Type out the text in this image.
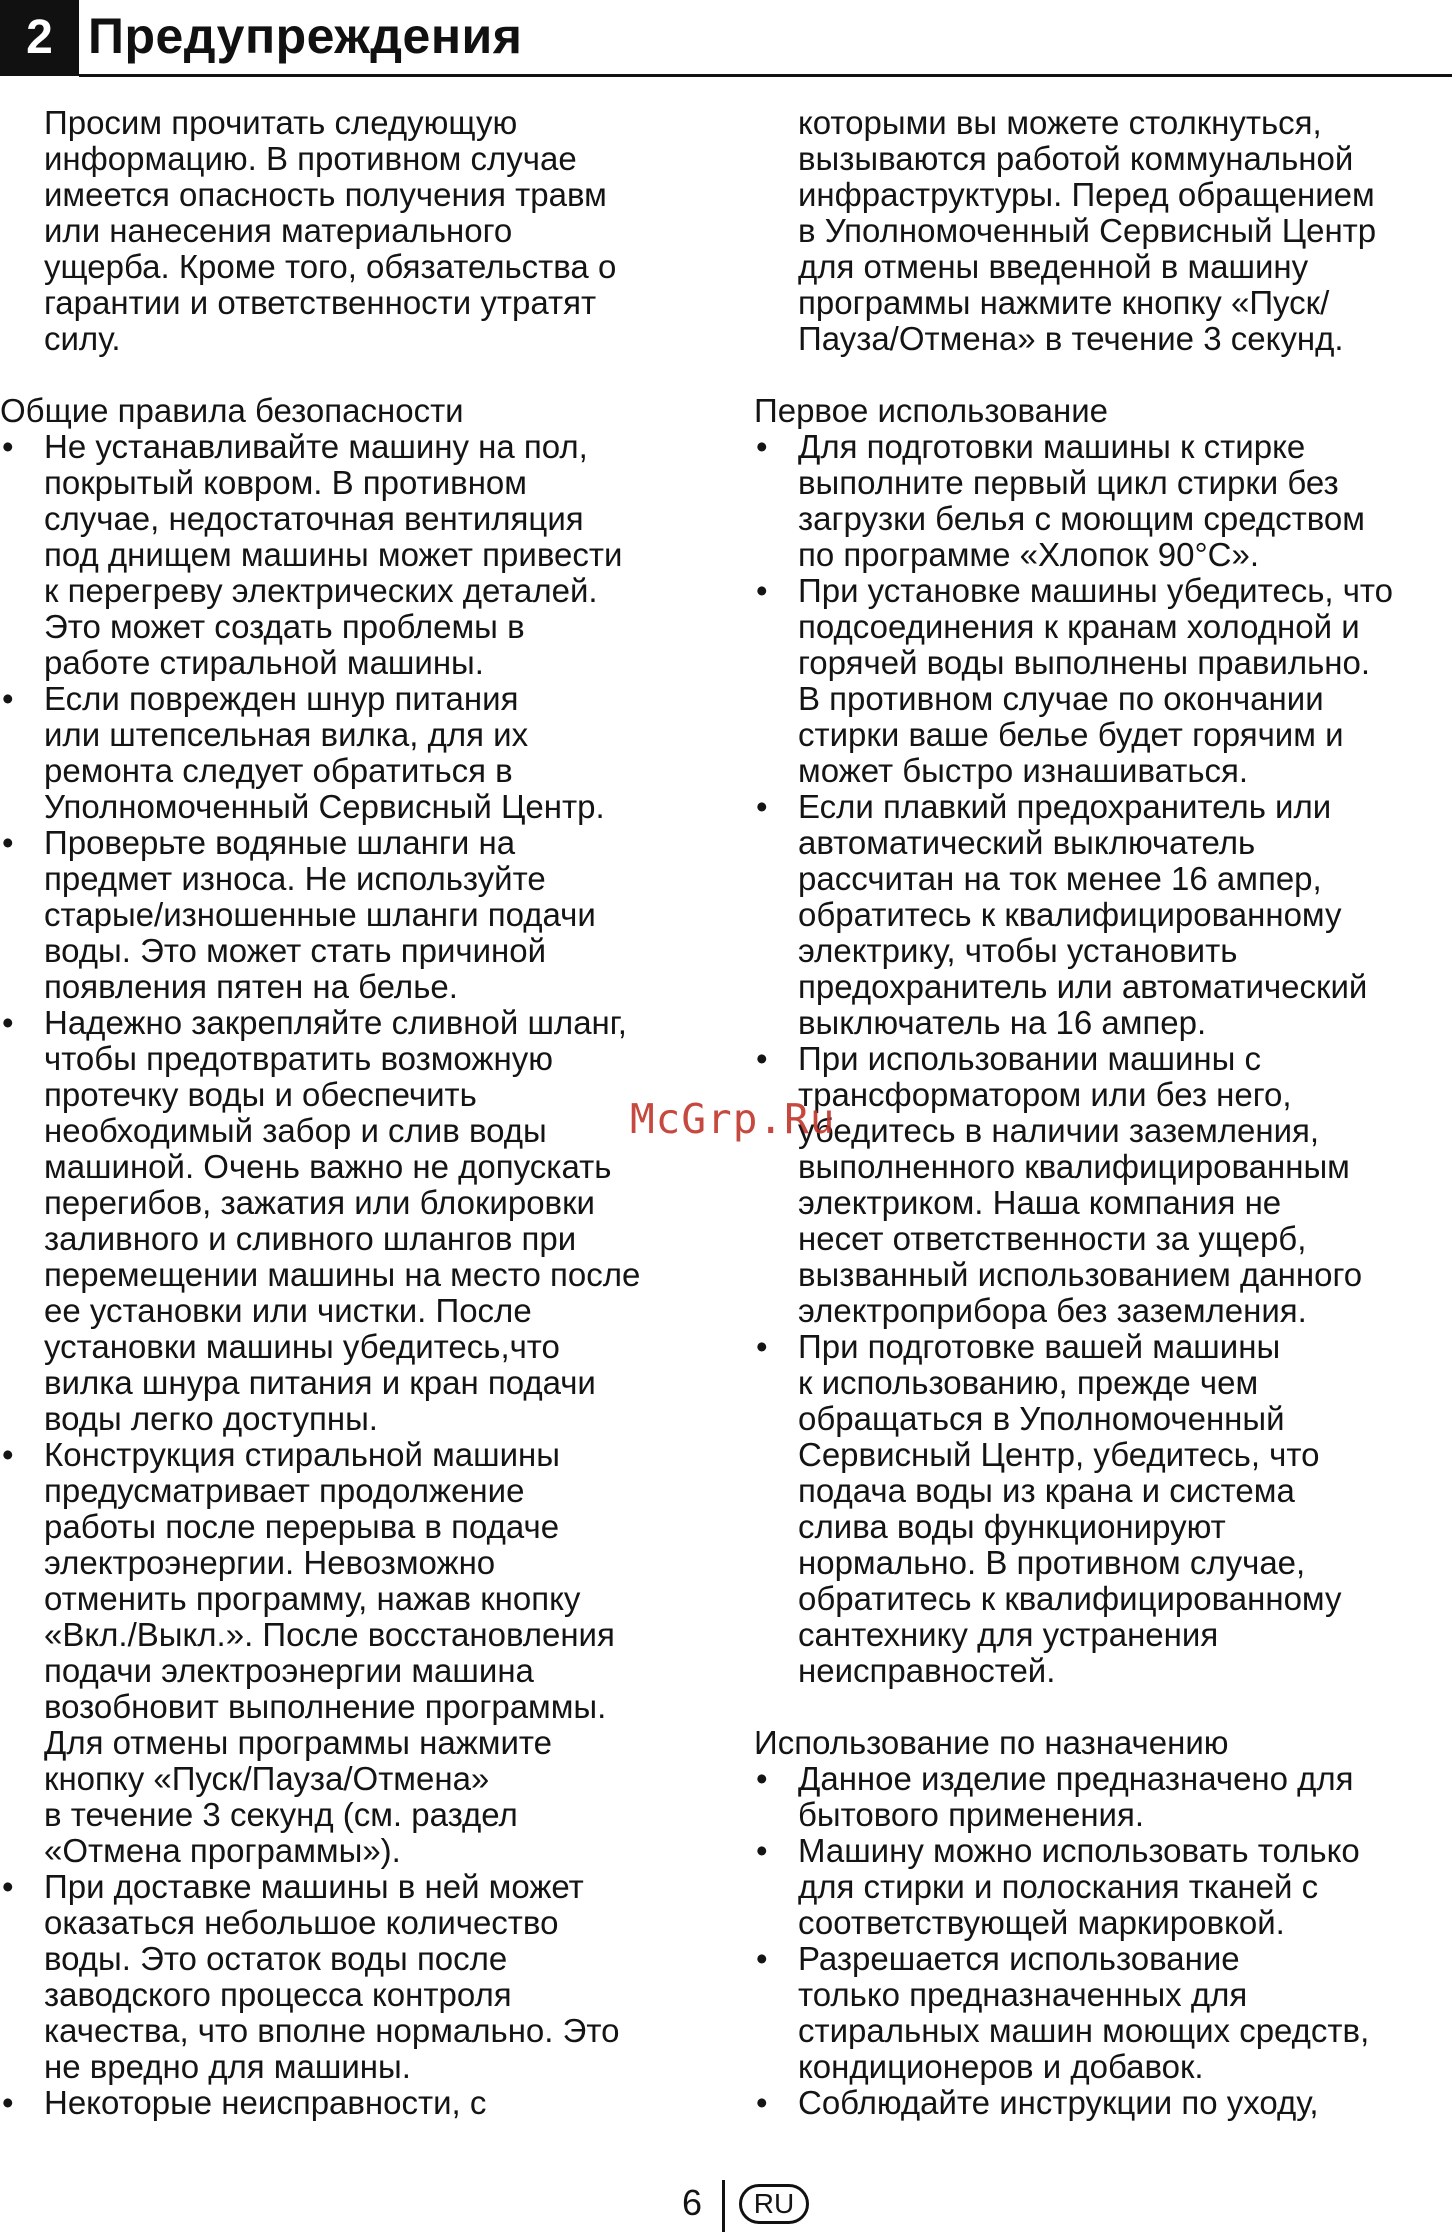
2 Предупреждения

Просим прочитать следующую
информацию. В противном случае
имеется опасность получения травм
или нанесения материального
ущерба. Кроме того, обязательства о
гарантии и ответственности утратят
силу.

Общие правила безопасности

• Не устанавливайте машину на пол,
покрытый ковром. В противном
случае, недостаточная вентиляция
под днищем машины может привести
к перегреву электрических деталей.
Это может создать проблемы в
работе стиральной машины.
• Если поврежден шнур питания
или штепсельная вилка, для их
ремонта следует обратиться в
Уполномоченный Сервисный Центр.
• Проверьте водяные шланги на
предмет износа. Не используйте
старые/изношенные шланги подачи
воды. Это может стать причиной
появления пятен на белье.
• Надежно закрепляйте сливной шланг,
чтобы предотвратить возможную
протечку воды и обеспечить
необходимый забор и слив воды
машиной. Очень важно не допускать
перегибов, зажатия или блокировки
заливного и сливного шлангов при
перемещении машины на место после
ее установки или чистки. После
установки машины убедитесь,что
вилка шнура питания и кран подачи
воды легко доступны.
• Конструкция стиральной машины
предусматривает продолжение
работы после перерыва в подаче
электроэнергии. Невозможно
отменить программу, нажав кнопку
«Вкл./Выкл.». После восстановления
подачи электроэнергии машина
возобновит выполнение программы.
Для отмены программы нажмите
кнопку «Пуск/Пауза/Отмена»
в течение 3 секунд (см. раздел
«Отмена программы»).
• При доставке машины в ней может
оказаться небольшое количество
воды. Это остаток воды после
заводского процесса контроля
качества, что вполне нормально. Это
не вредно для машины.
• Некоторые неисправности, с

которыми вы можете столкнуться,
вызываются работой коммунальной
инфраструктуры. Перед обращением
в Уполномоченный Сервисный Центр
для отмены введенной в машину
программы нажмите кнопку «Пуск/
Пауза/Отмена» в течение 3 секунд.

Первое использование

• Для подготовки машины к стирке
выполните первый цикл стирки без
загрузки белья с моющим средством
по программе «Хлопок 90°C».
• При установке машины убедитесь, что
подсоединения к кранам холодной и
горячей воды выполнены правильно.
В противном случае по окончании
стирки ваше белье будет горячим и
может быстро изнашиваться.
• Если плавкий предохранитель или
автоматический выключатель
рассчитан на ток менее 16 ампер,
обратитесь к квалифицированному
электрику, чтобы установить
предохранитель или автоматический
выключатель на 16 ампер.
• При использовании машины с
трансформатором или без него,
убедитесь в наличии заземления,
выполненного квалифицированным
электриком. Наша компания не
несет ответственности за ущерб,
вызванный использованием данного
электроприбора без заземления.
• При подготовке вашей машины
к использованию, прежде чем
обращаться в Уполномоченный
Сервисный Центр, убедитесь, что
подача воды из крана и система
слива воды функционируют
нормально. В противном случае,
обратитесь к квалифицированному
сантехнику для устранения
неисправностей.

Использование по назначению

• Данное изделие предназначено для
бытового применения.
• Машину можно использовать только
для стирки и полоскания тканей с
соответствующей маркировкой.
• Разрешается использование
только предназначенных для
стиральных машин моющих средств,
кондиционеров и добавок.
• Соблюдайте инструкции по уходу,
McGrp.Ru
6	RU
